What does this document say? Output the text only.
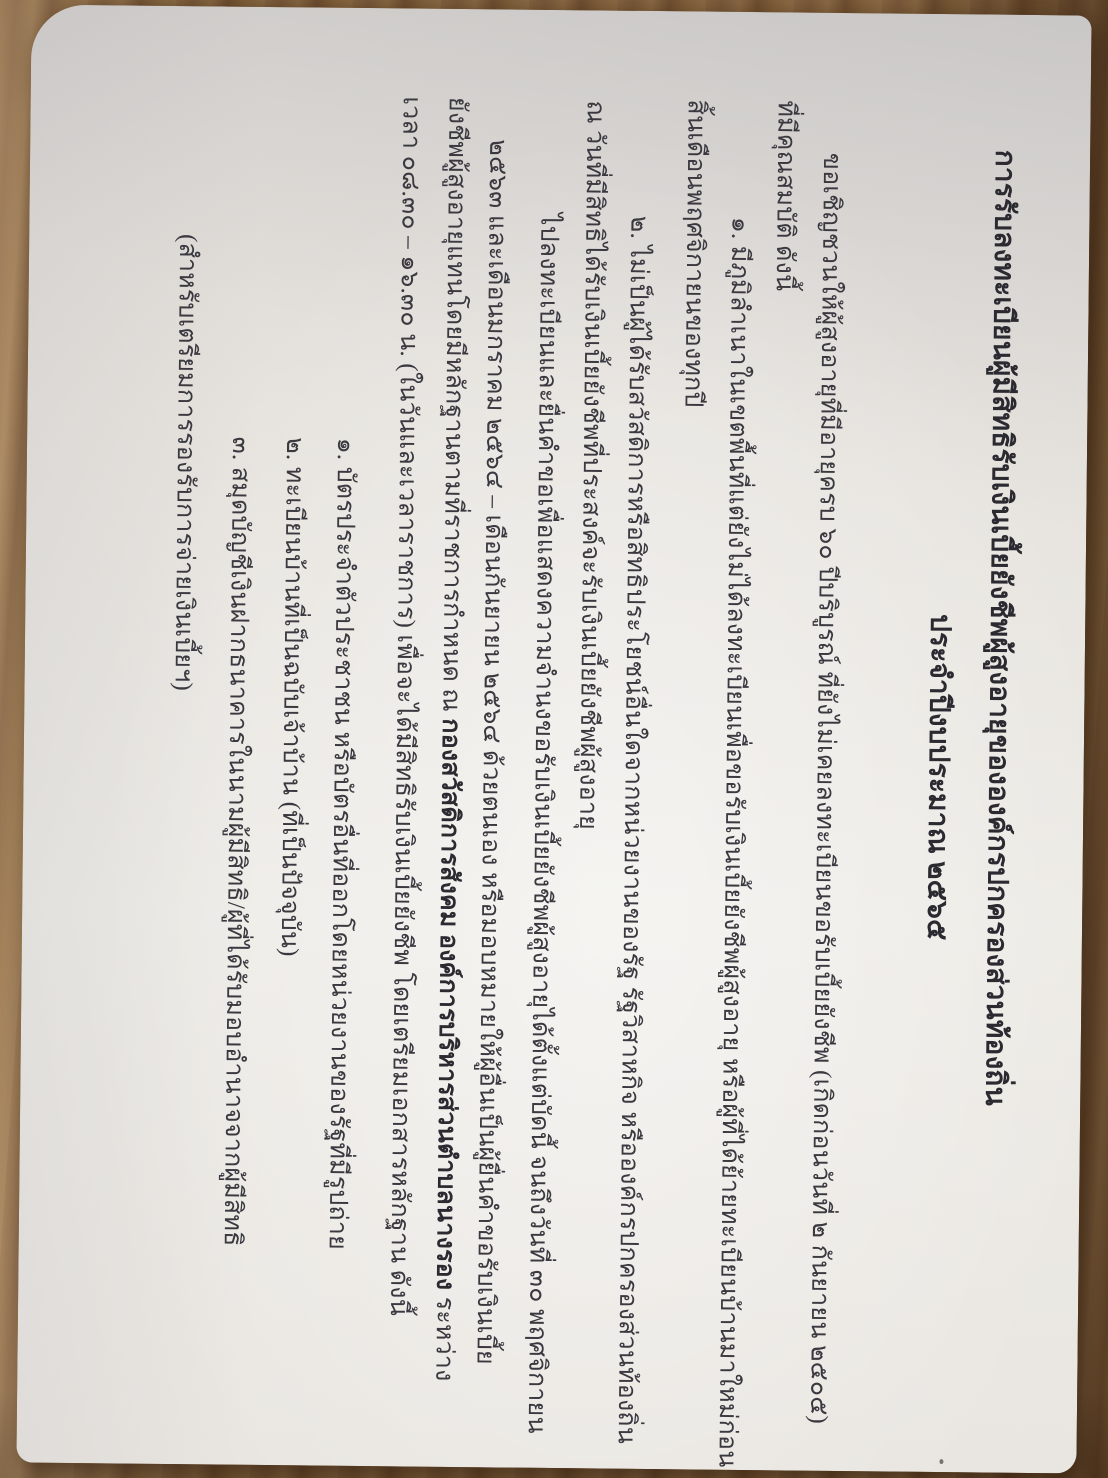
การรับลงทะเบียนผู้มีสิทธิรับเงินเบี้ยยังชีพผู้สูงอายุขององค์กรปกครองส่วนท้องถิ่น
ประจำปีงบประมาณ ๒๕๖๕
ขอเชิญชวนให้ผู้สูงอายุที่มีอายุครบ ๖๐ ปีบริบูรณ์ ที่ยังไม่เคยลงทะเบียนขอรับเบี้ยยังชีพ (เกิดก่อนวันที่ ๒ กันยายน ๒๕๐๕)
ที่มีคุณสมบัติ ดังนี้
๑. มีภูมิลำเนาในเขตพื้นที่แต่ยังไม่ได้ลงทะเบียนเพื่อขอรับเงินเบี้ยยังชีพผู้สูงอายุ หรือผู้ที่ได้ย้ายทะเบียนบ้านมาใหม่ก่อน
สิ้นเดือนพฤศจิกายนของทุกปี
๒. ไม่เป็นผู้ได้รับสวัสดิการหรือสิทธิประโยชน์อื่นใดจากหน่วยงานของรัฐ รัฐวิสาหกิจ หรือองค์กรปกครองส่วนท้องถิ่น
ณ วันที่มีสิทธิได้รับเงินเบี้ยยังชีพที่ประสงค์จะรับเงินเบี้ยยังชีพผู้สูงอายุ
ไปลงทะเบียนและยื่นคำขอเพื่อแสดงความจำนงขอรับเงินเบี้ยยังชีพผู้สูงอายุได้ตั้งแต่บัดนี้ จนถึงวันที่ ๓๐ พฤศจิกายน
๒๕๖๓ และเดือนมกราคม ๒๕๖๔ – เดือนกันยายน ๒๕๖๔ ด้วยตนเอง หรือมอบหมายให้ผู้อื่นเป็นผู้ยื่นคำขอรับเงินเบี้ย
ยังชีพผู้สูงอายุแทนโดยมีหลักฐานตามที่ราชการกำหนด ณ กองสวัสดิการสังคม องค์การบริหารส่วนตำบลนางรอง ระหว่าง
เวลา ๐๘.๓๐ – ๑๖.๓๐ น. (ในวันและเวลาราชการ) เพื่อจะได้มีสิทธิรับเงินเบี้ยยังชีพ โดยเตรียมเอกสารหลักฐาน ดังนี้
๑. บัตรประจำตัวประชาชน หรือบัตรอื่นที่ออกโดยหน่วยงานของรัฐที่มีรูปถ่าย
๒. ทะเบียนบ้านที่เป็นฉบับเจ้าบ้าน (ที่เป็นปัจจุบัน)
๓. สมุดบัญชีเงินฝากธนาคารในนามผู้มีสิทธิ/ผู้ที่ได้รับมอบอำนาจจากผู้มีสิทธิ
(สำหรับเตรียมการรองรับการจ่ายเงินเบี้ยฯ)
